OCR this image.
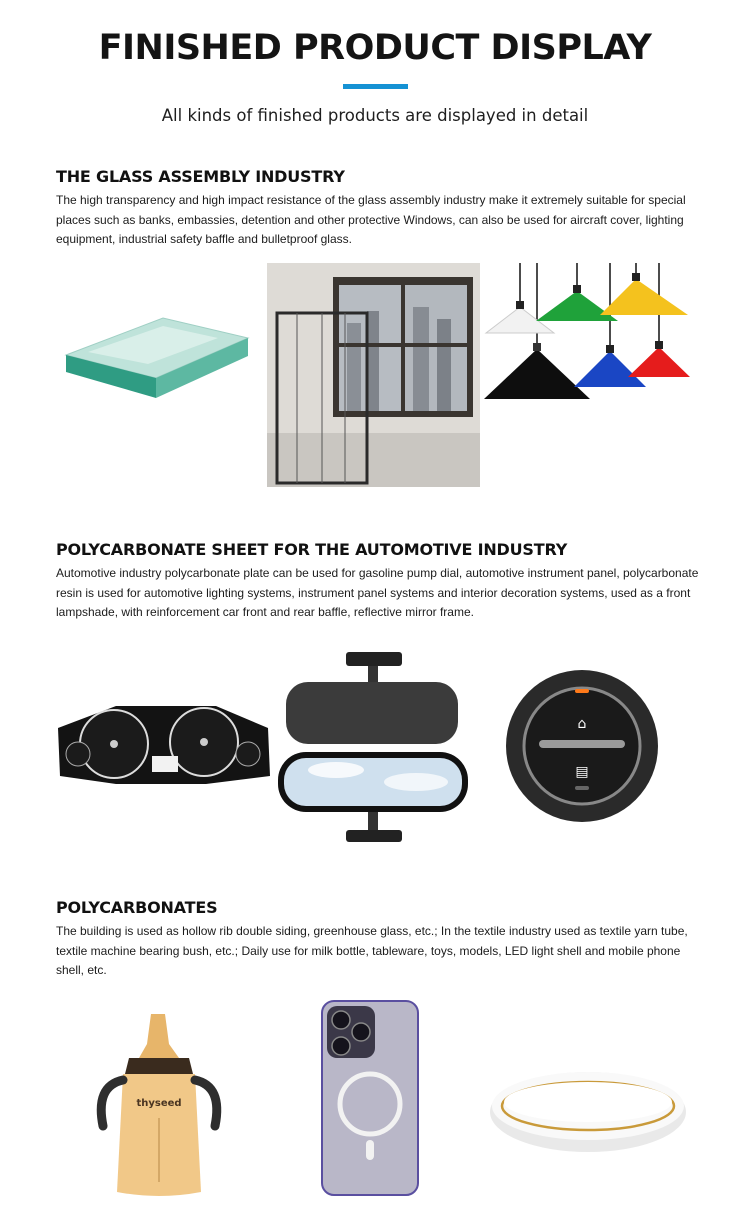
FINISHED PRODUCT DISPLAY
All kinds of finished products are displayed in detail
THE GLASS ASSEMBLY INDUSTRY

The high transparency and high impact resistance of the glass assembly industry make it extremely suitable for special places such as banks, embassies, detention and other protective Windows, can also be used for aircraft cover, lighting equipment, industrial safety baffle and bulletproof glass.

POLYCARBONATE SHEET FOR THE AUTOMOTIVE INDUSTRY

Automotive industry polycarbonate plate can be used for gasoline pump dial, automotive instrument panel, polycarbonate resin is used for automotive lighting systems, instrument panel systems and interior decoration systems, used as a front lampshade, with reinforcement car front and rear baffle, reflective mirror frame.

⌂
▤
POLYCARBONATES

The building is used as hollow rib double siding, greenhouse glass, etc.; In the textile industry used as textile yarn tube, textile machine bearing bush, etc.; Daily use for milk bottle, tableware, toys, models, LED light shell and mobile phone shell, etc.

thyseed
